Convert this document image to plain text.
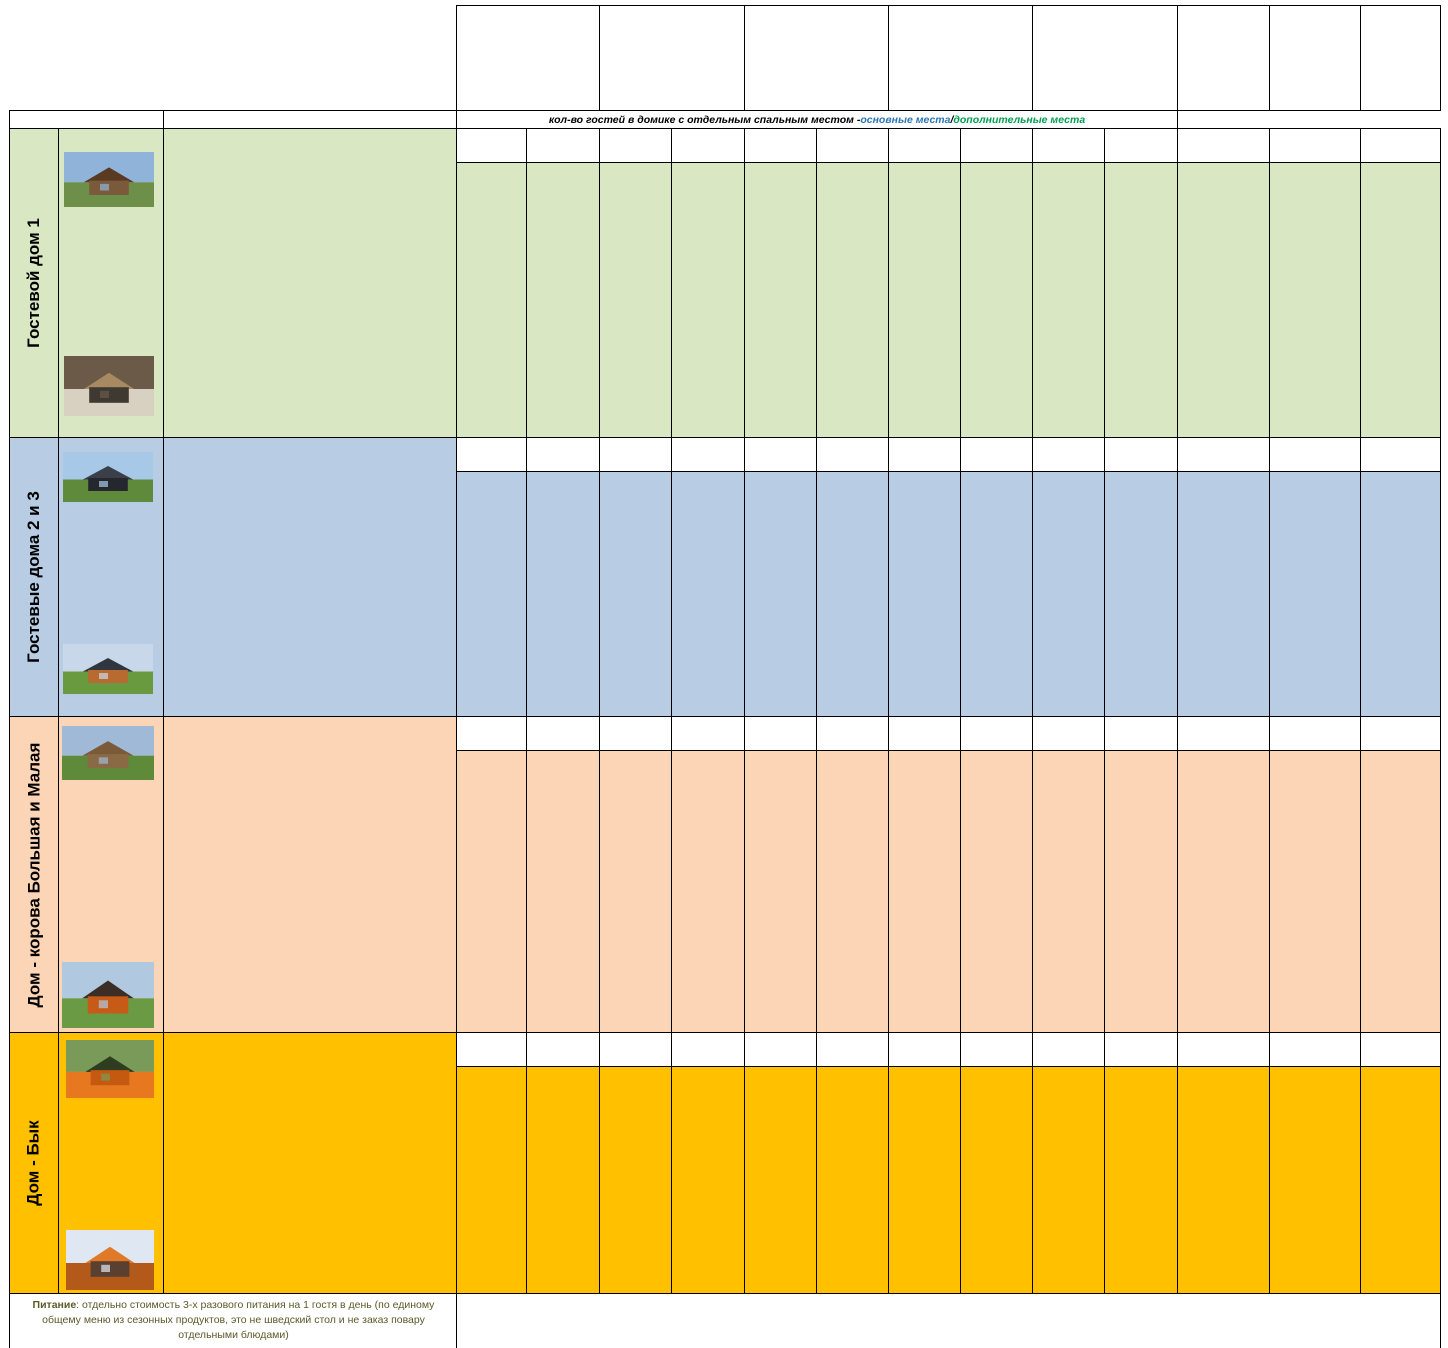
кол-во гостей в домике с отдельным спальным местом - основные места / дополнительные места
Гостевой дом 1
Гостевые дома 2 и 3
Дом - корова Большая и Малая
Дом - Бык
Питание: отдельно стоимость 3-х разового питания на 1 гостя в день (по единому общему меню из сезонных продуктов, это не шведский стол и не заказ повару отдельными блюдами)
